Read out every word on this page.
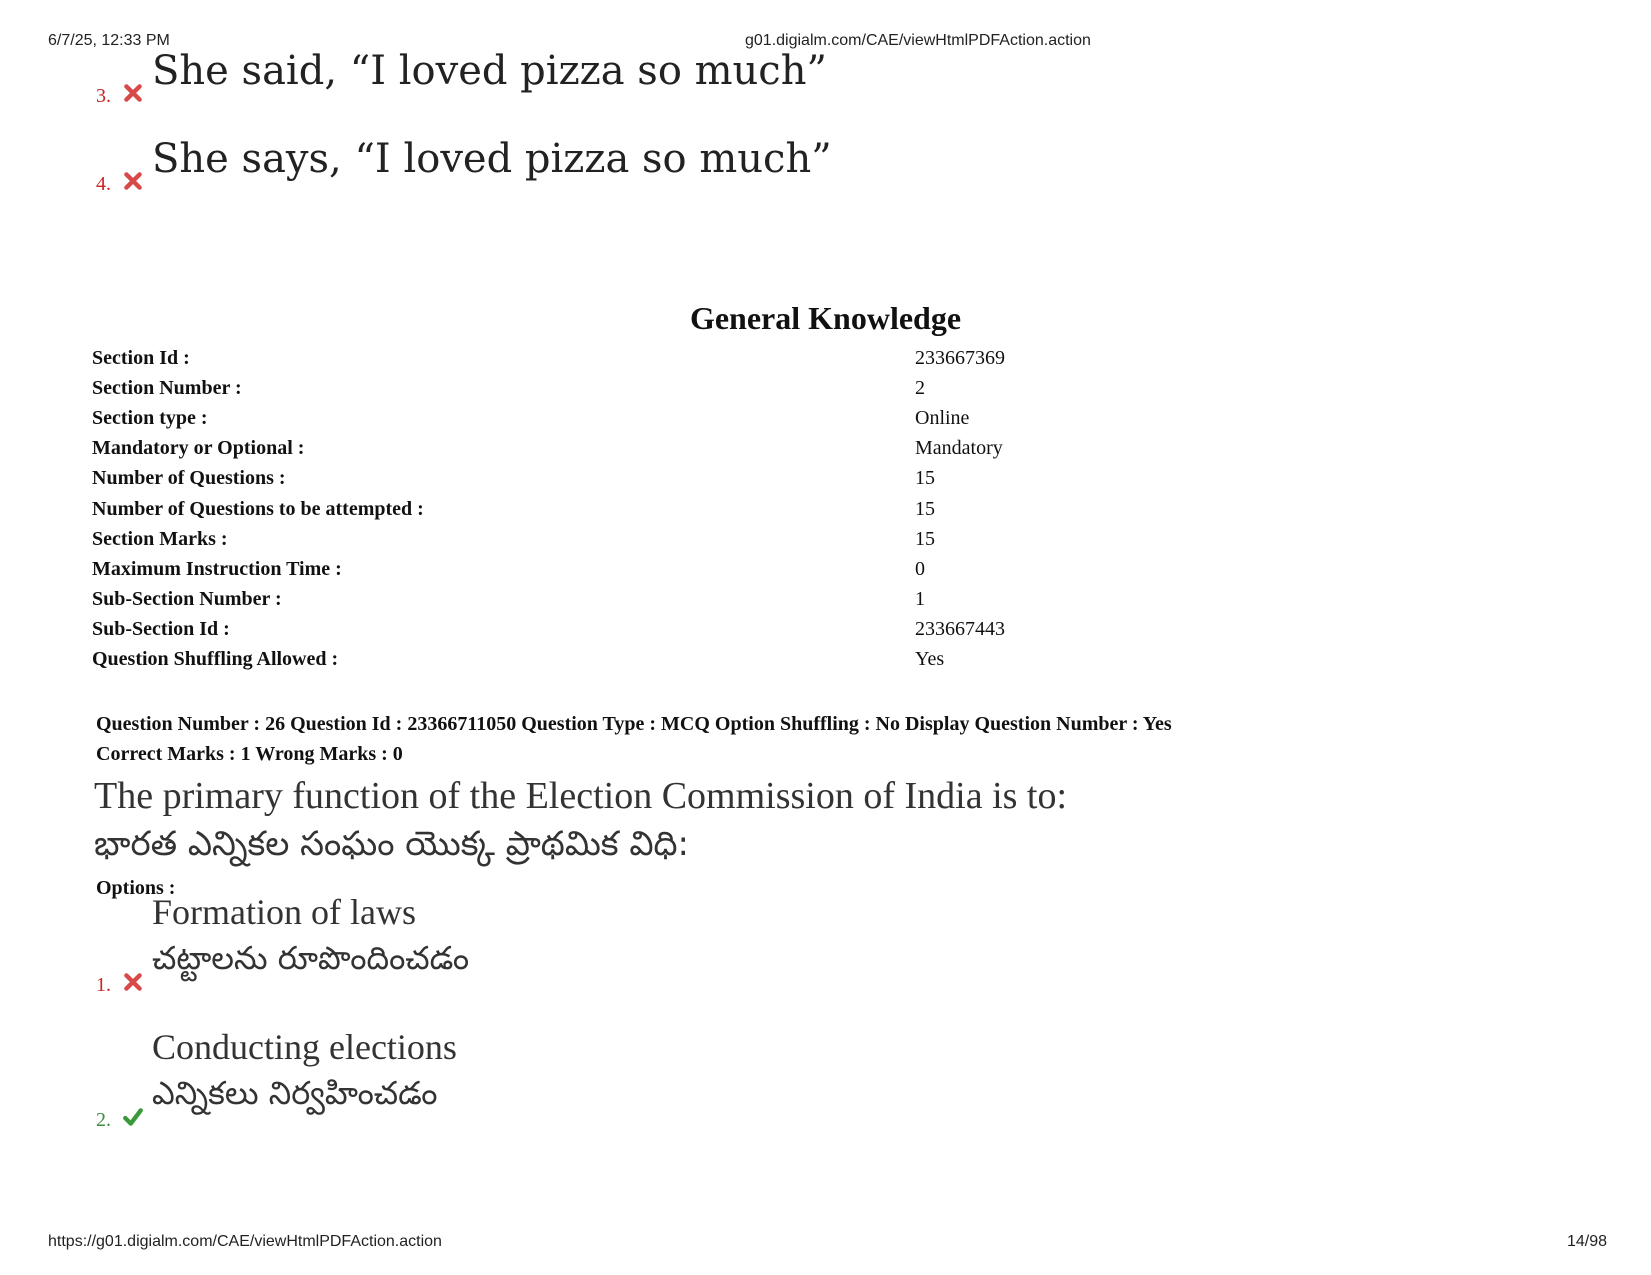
6/7/25, 12:33 PM	g01.digialm.com/CAE/viewHtmlPDFAction.action
3.
She said, “I loved pizza so much”
4.
She says, “I loved pizza so much”
General Knowledge
Section Id :	233667369
Section Number :	2
Section type :	Online
Mandatory or Optional :	Mandatory
Number of Questions :	15
Number of Questions to be attempted :	15
Section Marks :	15
Maximum Instruction Time :	0
Sub-Section Number :	1
Sub-Section Id :	233667443
Question Shuffling Allowed :	Yes
Question Number : 26 Question Id : 23366711050 Question Type : MCQ Option Shuffling : No Display Question Number : Yes
Correct Marks : 1 Wrong Marks : 0
The primary function of the Election Commission of India is to:
భారత ఎన్నికల సంఘం యొక్క ప్రాథమిక విధి:
Options :
1.
Formation of laws
చట్టాలను రూపొందించడం
2.
Conducting elections
ఎన్నికలు నిర్వహించడం
https://g01.digialm.com/CAE/viewHtmlPDFAction.action	14/98
